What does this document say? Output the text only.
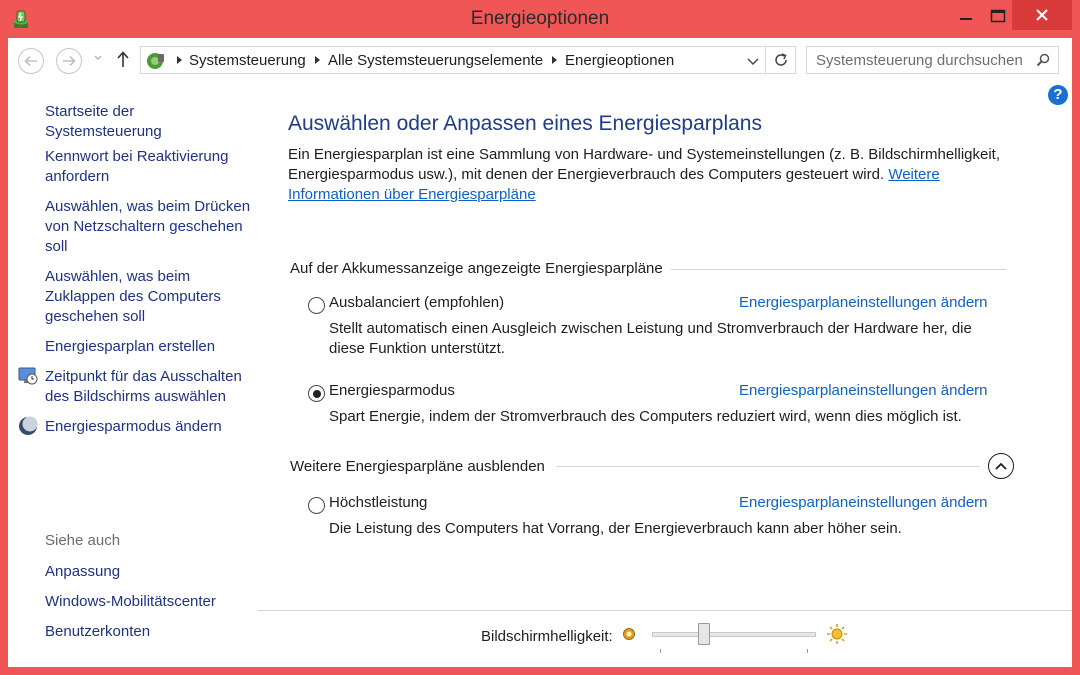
Energieoptionen
Systemsteuerung Alle Systemsteuerungselemente Energieoptionen
Systemsteuerung durchsuchen
?
Startseite der Systemsteuerung
Kennwort bei Reaktivierung anfordern
Auswählen, was beim Drücken von Netzschaltern geschehen soll
Auswählen, was beim Zuklappen des Computers geschehen soll
Energiesparplan erstellen
Zeitpunkt für das Ausschalten des Bildschirms auswählen
Energiesparmodus ändern
Siehe auch
Anpassung
Windows-Mobilitätscenter
Benutzerkonten
Auswählen oder Anpassen eines Energiesparplans
Ein Energiesparplan ist eine Sammlung von Hardware- und Systemeinstellungen (z. B. Bildschirmhelligkeit, Energiesparmodus usw.), mit denen der Energieverbrauch des Computers gesteuert wird. Weitere Informationen über Energiesparpläne
Auf der Akkumessanzeige angezeigte Energiesparpläne
Ausbalanciert (empfohlen)	Energiesparplaneinstellungen ändern
Stellt automatisch einen Ausgleich zwischen Leistung und Stromverbrauch der Hardware her, die diese Funktion unterstützt.
Energiesparmodus	Energiesparplaneinstellungen ändern
Spart Energie, indem der Stromverbrauch des Computers reduziert wird, wenn dies möglich ist.
Weitere Energiesparpläne ausblenden
Höchstleistung	Energiesparplaneinstellungen ändern
Die Leistung des Computers hat Vorrang, der Energieverbrauch kann aber höher sein.
Bildschirmhelligkeit:
